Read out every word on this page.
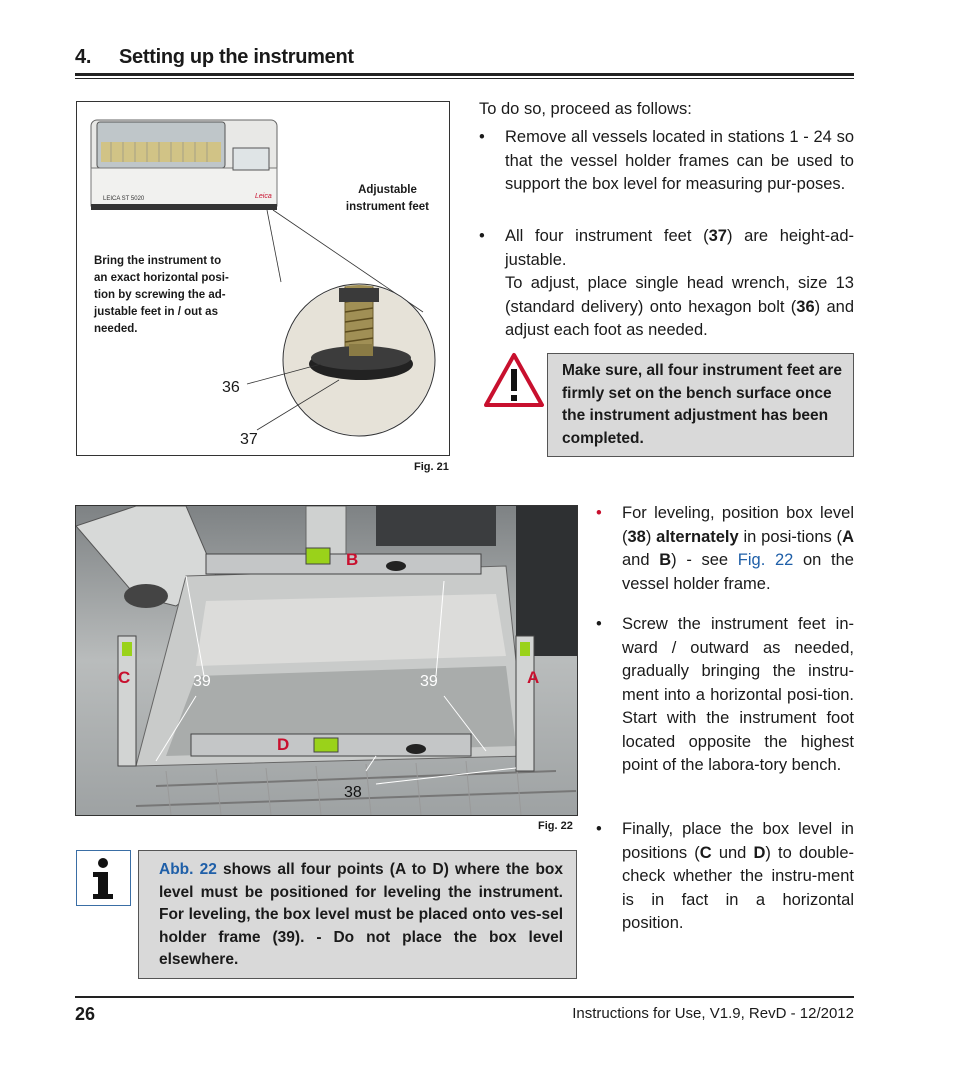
4. Setting up the instrument
LEICA ST 5020	Leica
Adjustable
instrument feet
Bring the instrument to
an exact horizontal posi-
tion by screwing the ad-
justable feet in / out as
needed.
36
37
Fig. 21
To do so, proceed as follows:
• Remove all vessels located in stations 1 - 24 so that the vessel holder frames can be used to support the box level for measuring pur-poses.
• All four instrument feet (37) are height-ad-justable.
To adjust, place single head wrench, size 13 (standard delivery) onto hexagon bolt (36) and adjust each foot as needed.
Make sure, all four instrument feet are firmly set on the bench surface once the instrument adjustment has been completed.
B
C	A
D
39	39
38
Fig. 22
• For leveling, position box level (38) alternately in posi-tions (A and B) - see Fig. 22 on the vessel holder frame.
• Screw the instrument feet in-ward / outward as needed, gradually bringing the instru-ment into a horizontal posi-tion. Start with the instrument foot located opposite the highest point of the labora-tory bench.
• Finally, place the box level in positions (C und D) to double-check whether the instru-ment is in fact in a horizontal position.
Abb. 22 shows all four points (A to D) where the box level must be positioned for leveling the instrument. For leveling, the box level must be placed onto ves-sel holder frame (39). - Do not place the box level elsewhere.
26	Instructions for Use, V1.9, RevD - 12/2012
